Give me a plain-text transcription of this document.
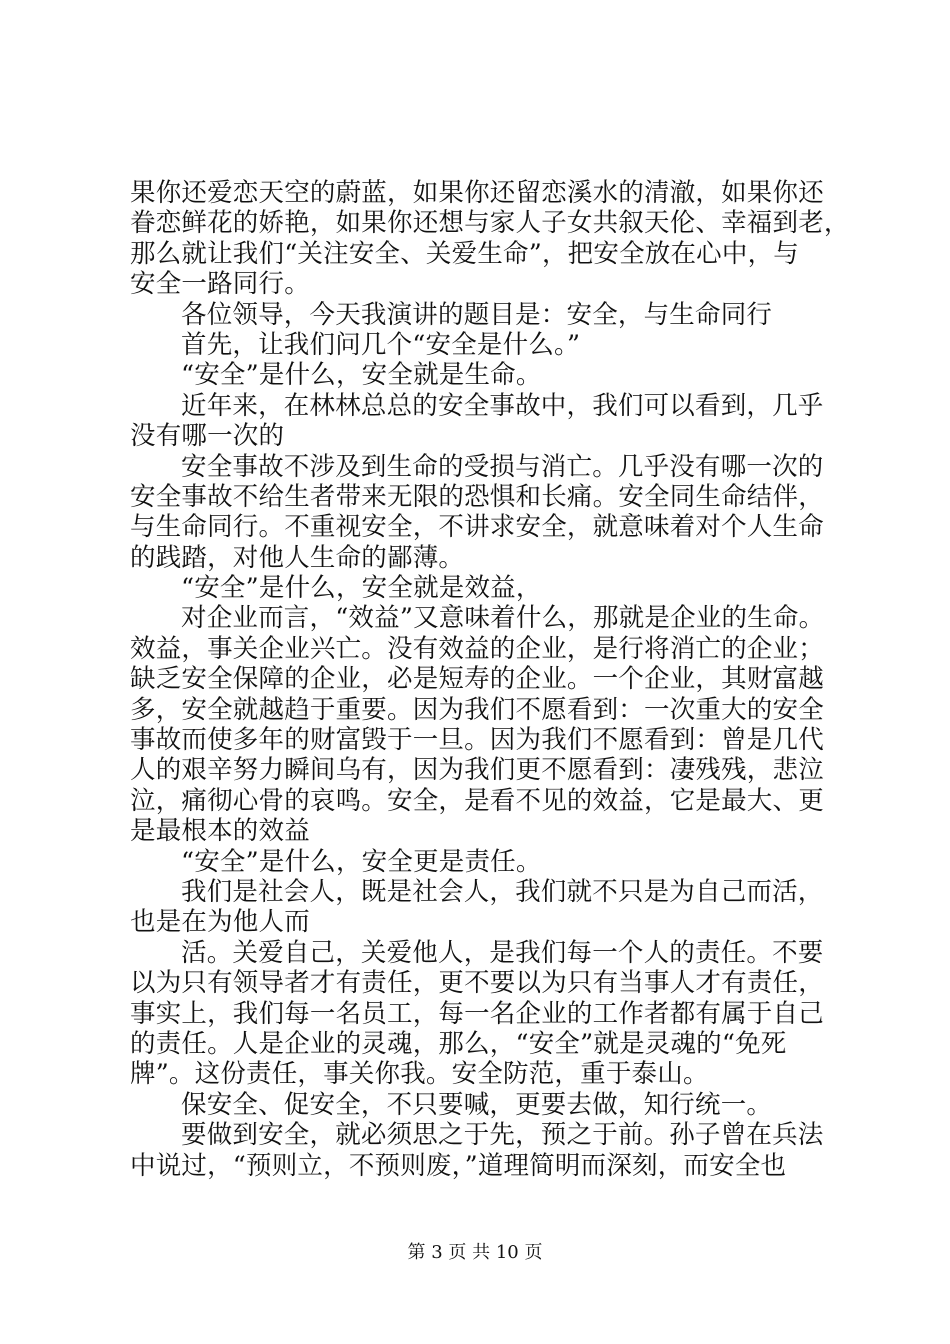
果你还爱恋天空的蔚蓝，如果你还留恋溪水的清澈，如果你还
眷恋鲜花的娇艳，如果你还想与家人子女共叙天伦、幸福到老，
那么就让我们“关注安全、关爱生命”，把安全放在心中，与
安全一路同行。
各位领导，今天我演讲的题目是：安全，与生命同行
首先，让我们问几个“安全是什么。”
“安全”是什么，安全就是生命。
近年来，在林林总总的安全事故中，我们可以看到，几乎
没有哪一次的
安全事故不涉及到生命的受损与消亡。几乎没有哪一次的
安全事故不给生者带来无限的恐惧和长痛。安全同生命结伴，
与生命同行。不重视安全，不讲求安全，就意味着对个人生命
的践踏，对他人生命的鄙薄。
“安全”是什么，安全就是效益，
对企业而言，“效益”又意味着什么，那就是企业的生命。
效益，事关企业兴亡。没有效益的企业，是行将消亡的企业；
缺乏安全保障的企业，必是短寿的企业。一个企业，其财富越
多，安全就越趋于重要。因为我们不愿看到：一次重大的安全
事故而使多年的财富毁于一旦。因为我们不愿看到：曾是几代
人的艰辛努力瞬间乌有，因为我们更不愿看到：凄残残，悲泣
泣，痛彻心骨的哀鸣。安全，是看不见的效益，它是最大、更
是最根本的效益
“安全”是什么，安全更是责任。
我们是社会人，既是社会人，我们就不只是为自己而活，
也是在为他人而
活。关爱自己，关爱他人，是我们每一个人的责任。不要
以为只有领导者才有责任，更不要以为只有当事人才有责任，
事实上，我们每一名员工，每一名企业的工作者都有属于自己
的责任。人是企业的灵魂，那么，“安全”就是灵魂的“免死
牌”。这份责任，事关你我。安全防范，重于泰山。
保安全、促安全，不只要喊，更要去做，知行统一。
要做到安全，就必须思之于先，预之于前。孙子曾在兵法
中说过，“预则立，不预则废，”道理简明而深刻，而安全也
第 3 页 共 10 页
